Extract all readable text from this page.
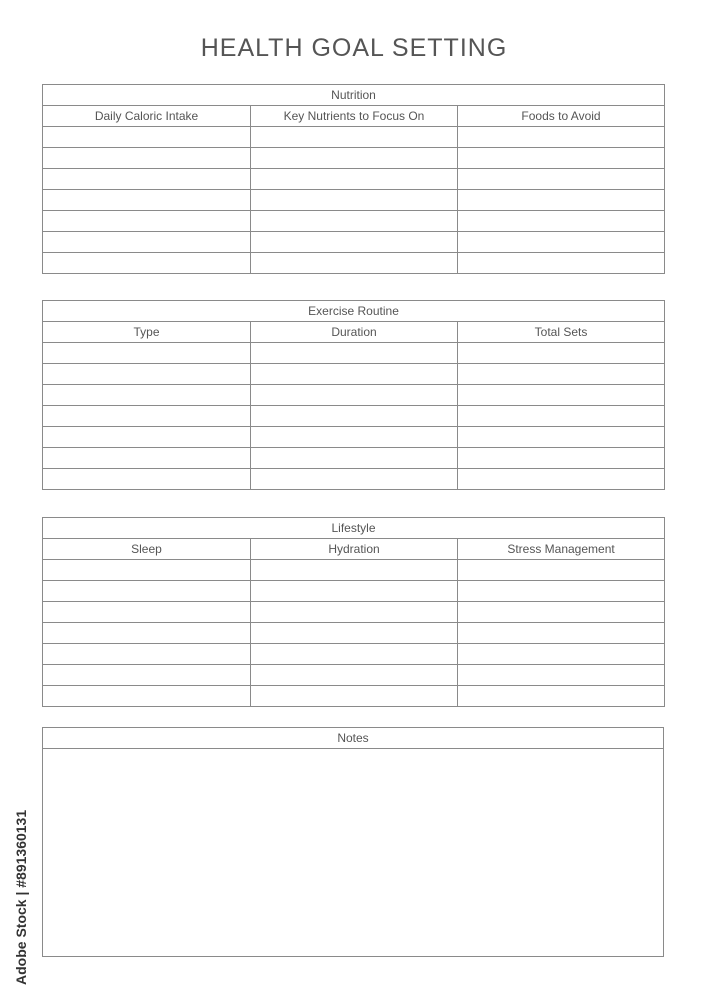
HEALTH GOAL SETTING
Nutrition		
Daily Caloric Intake	Key Nutrients to Focus On	Foods to Avoid

Exercise Routine		
Type	Duration	Total Sets

Lifestyle		
Sleep	Hydration	Stress Management

Notes
Adobe Stock | #891360131
